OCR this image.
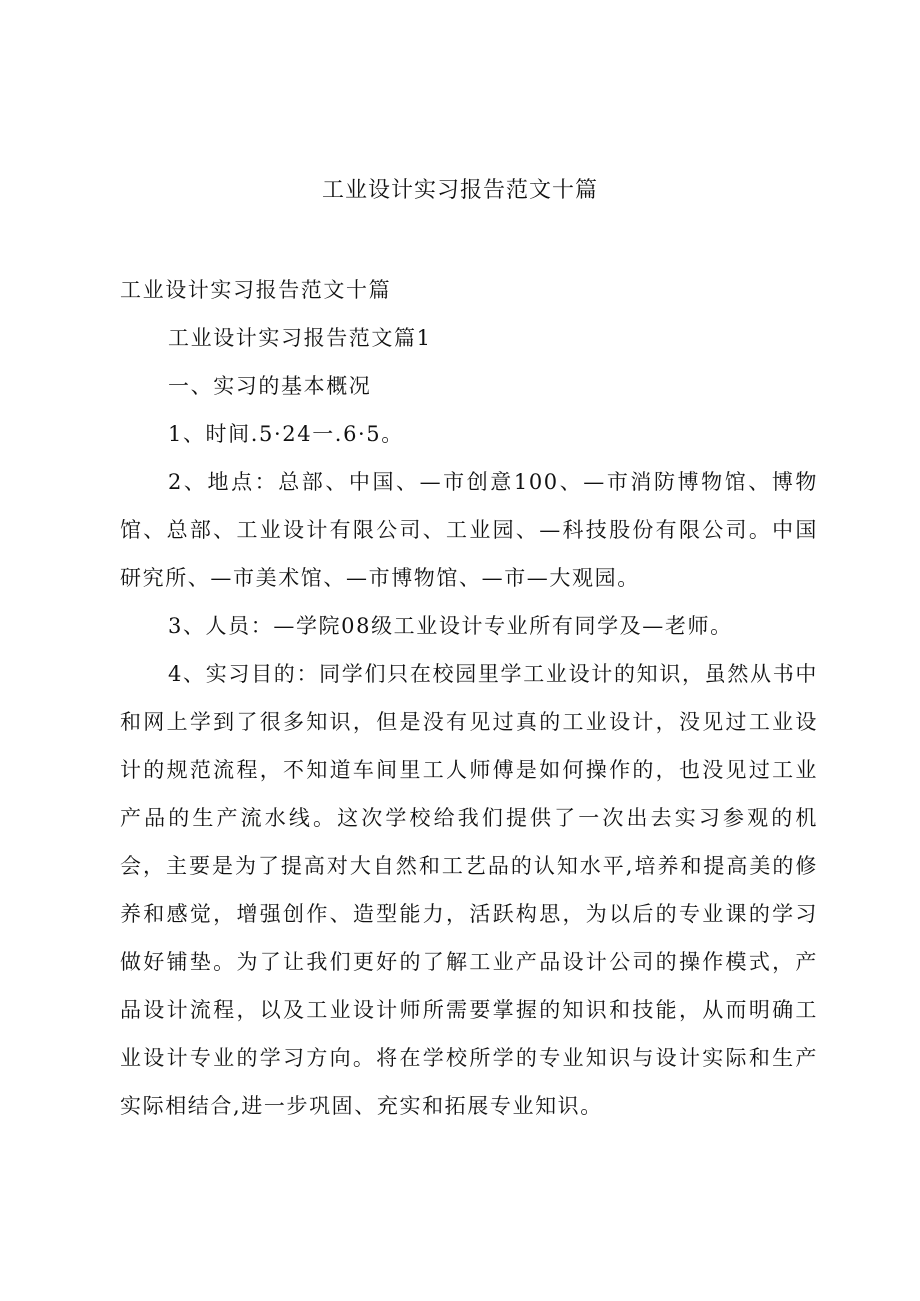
工业设计实习报告范文十篇

工业设计实习报告范文十篇

工业设计实习报告范文篇1

一、实习的基本概况

1、时间.5·24一.6·5。

2、地点：总部、中国、—市创意100、—市消防博物馆、博物馆、总部、工业设计有限公司、工业园、—科技股份有限公司。中国研究所、—市美术馆、—市博物馆、—市—大观园。

3、人员：—学院08级工业设计专业所有同学及—老师。

4、实习目的：同学们只在校园里学工业设计的知识，虽然从书中和网上学到了很多知识，但是没有见过真的工业设计，没见过工业设计的规范流程，不知道车间里工人师傅是如何操作的，也没见过工业产品的生产流水线。这次学校给我们提供了一次出去实习参观的机会，主要是为了提高对大自然和工艺品的认知水平,培养和提高美的修养和感觉，增强创作、造型能力，活跃构思，为以后的专业课的学习做好铺垫。为了让我们更好的了解工业产品设计公司的操作模式，产品设计流程，以及工业设计师所需要掌握的知识和技能，从而明确工业设计专业的学习方向。将在学校所学的专业知识与设计实际和生产实际相结合,进一步巩固、充实和拓展专业知识。
